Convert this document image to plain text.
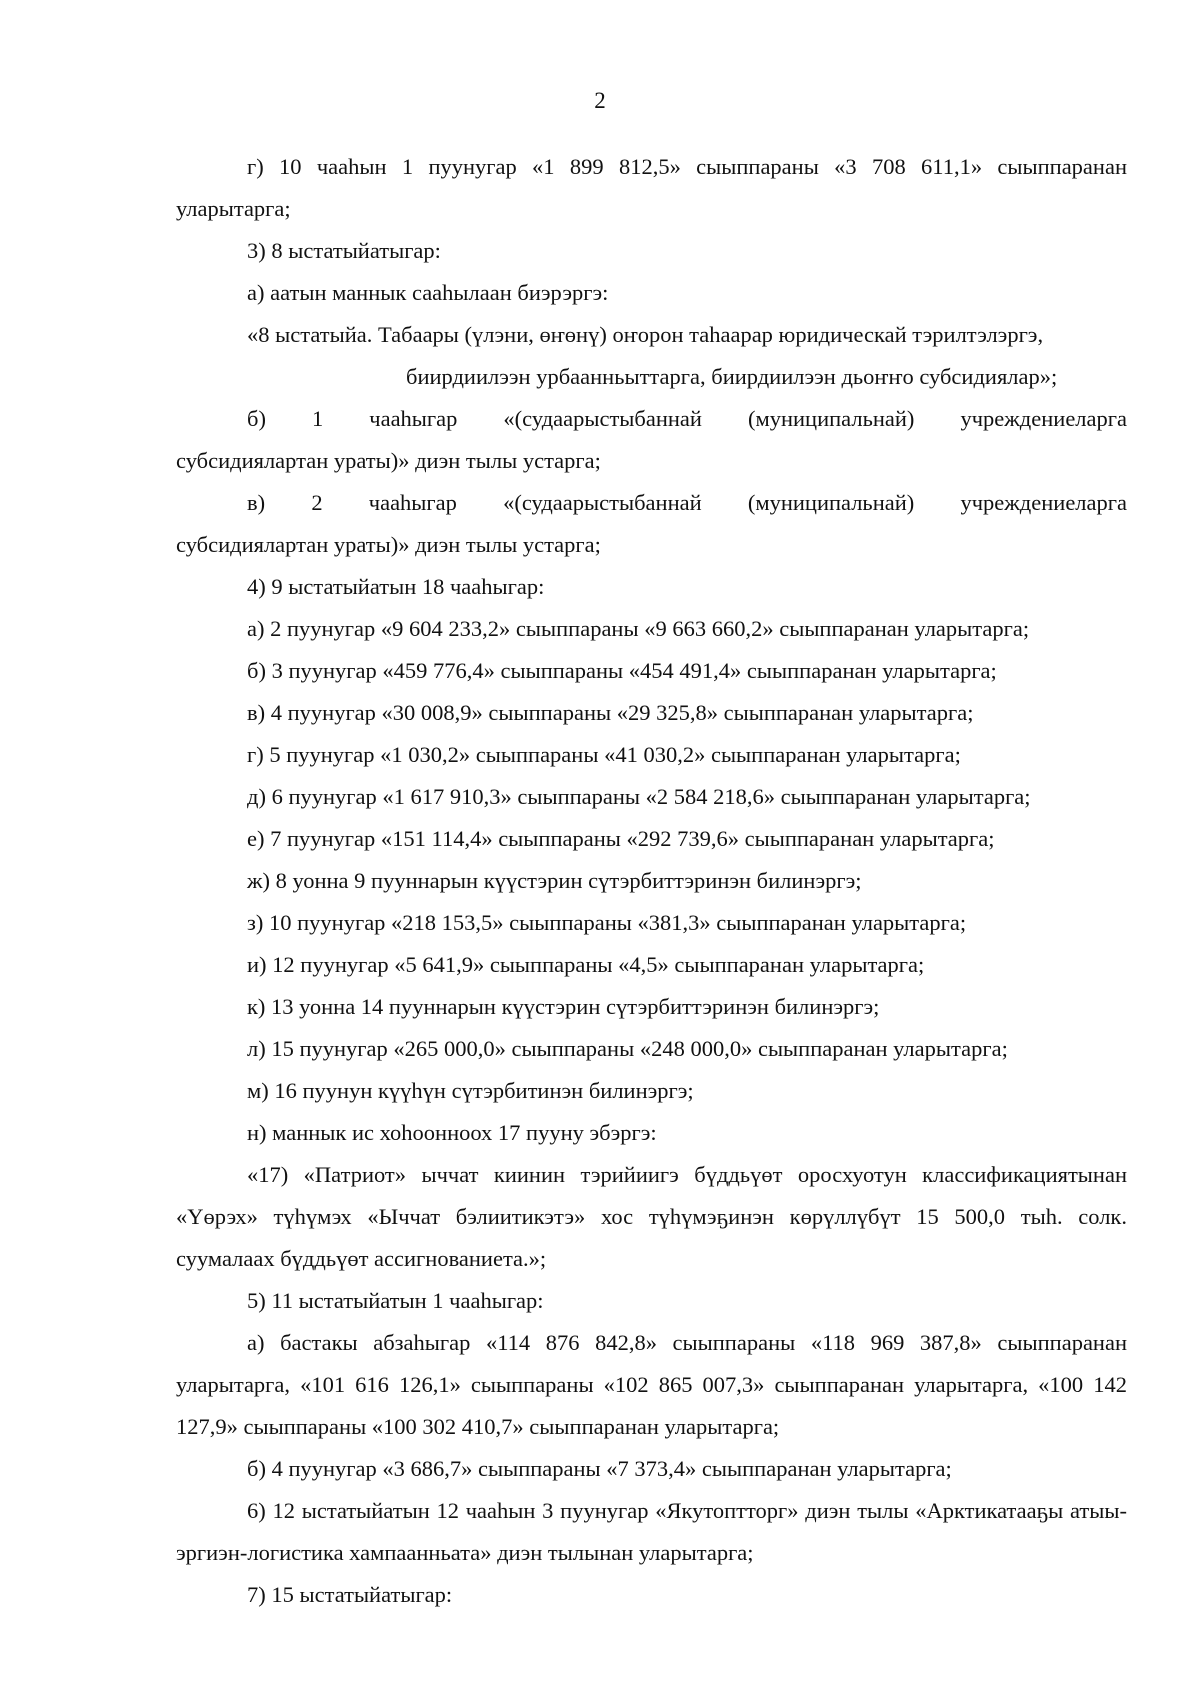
2

г) 10 чааһын 1 пуунугар «1 899 812,5» сыыппараны «3 708 611,1» сыыппаранан уларытарга;

3) 8 ыстатыйатыгар:

а) аатын маннык сааһылаан биэрэргэ:

«8 ыстатыйа. Табаары (үлэни, өҥөнү) оҥорон таһаарар юридическай тэрилтэлэргэ,

биирдиилээн урбаанньыттарга, биирдиилээн дьоҥҥо субсидиялар»;

б) 1 чааһыгар «(судаарыстыбаннай (муниципальнай) учреждениеларга

субсидиялартан ураты)» диэн тылы устарга;

в) 2 чааһыгар «(судаарыстыбаннай (муниципальнай) учреждениеларга

субсидиялартан ураты)» диэн тылы устарга;

4) 9 ыстатыйатын 18 чааһыгар:

а) 2 пуунугар «9 604 233,2» сыыппараны «9 663 660,2» сыыппаранан уларытарга;

б) 3 пуунугар «459 776,4» сыыппараны «454 491,4» сыыппаранан уларытарга;

в) 4 пуунугар «30 008,9» сыыппараны «29 325,8» сыыппаранан уларытарга;

г) 5 пуунугар «1 030,2» сыыппараны «41 030,2» сыыппаранан уларытарга;

д) 6 пуунугар «1 617 910,3» сыыппараны «2 584 218,6» сыыппаранан уларытарга;

е) 7 пуунугар «151 114,4» сыыппараны «292 739,6» сыыппаранан уларытарга;

ж) 8 уонна 9 пууннарын күүстэрин сүтэрбиттэринэн билинэргэ;

з) 10 пуунугар «218 153,5» сыыппараны «381,3» сыыппаранан уларытарга;

и) 12 пуунугар «5 641,9» сыыппараны «4,5» сыыппаранан уларытарга;

к) 13 уонна 14 пууннарын күүстэрин сүтэрбиттэринэн билинэргэ;

л) 15 пуунугар «265 000,0» сыыппараны «248 000,0» сыыппаранан уларытарга;

м) 16 пуунун күүһүн сүтэрбитинэн билинэргэ;

н) маннык ис хоһоонноох 17 пууну эбэргэ:

«17) «Патриот» ыччат киинин тэрийиигэ бүддьүөт оросхуотун классификациятынан «Үөрэх» түһүмэх «Ыччат бэлиитикэтэ» хос түһүмэҕинэн көрүллүбүт 15 500,0 тыһ. солк. суумалаах бүддьүөт ассигнованиета.»;

5) 11 ыстатыйатын 1 чааһыгар:

а) бастакы абзаһыгар «114 876 842,8» сыыппараны «118 969 387,8» сыыппаранан уларытарга, «101 616 126,1» сыыппараны «102 865 007,3» сыыппаранан уларытарга, «100 142 127,9» сыыппараны «100 302 410,7» сыыппаранан уларытарга;

б) 4 пуунугар «3 686,7» сыыппараны «7 373,4» сыыппаранан уларытарга;

6) 12 ыстатыйатын 12 чааһын 3 пуунугар «Якутоптторг» диэн тылы «Арктикатааҕы атыы-эргиэн-логистика хампаанньата» диэн тылынан уларытарга;

7) 15 ыстатыйатыгар:
